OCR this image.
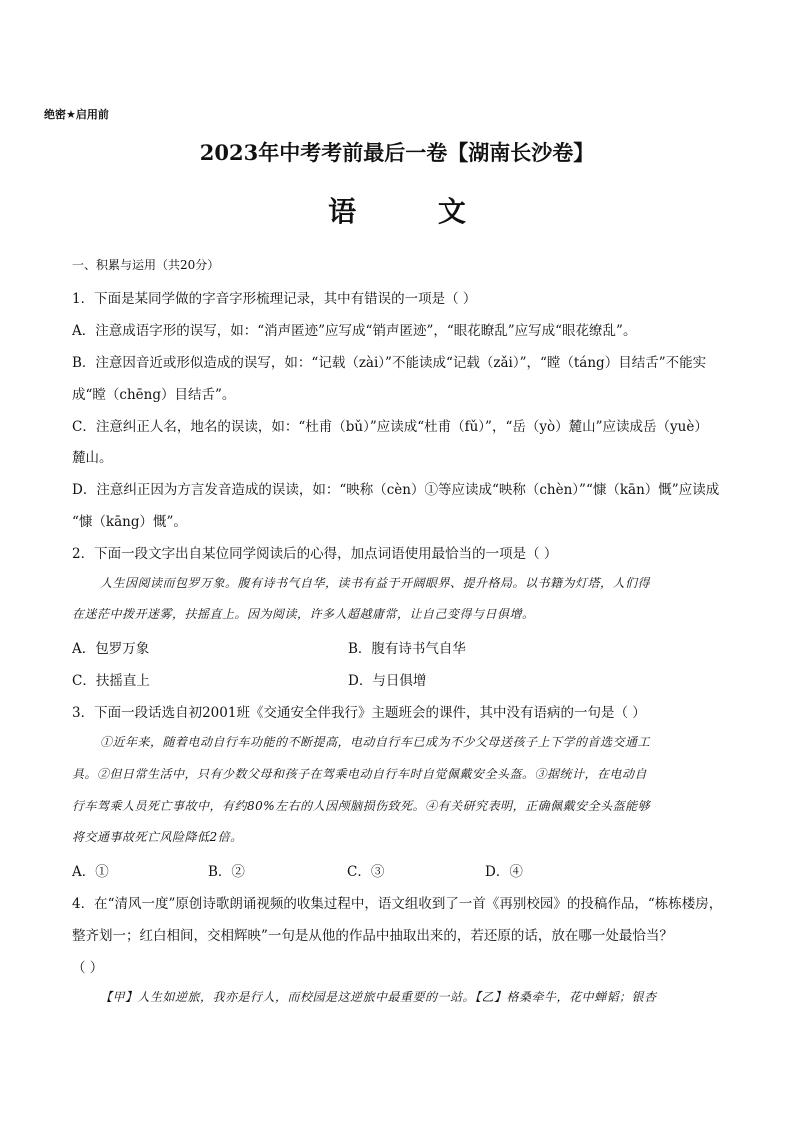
绝密★启用前
2023年中考考前最后一卷【湖南长沙卷】
语 文
一、积累与运用（共20分）
1．下面是某同学做的字音字形梳理记录，其中有错误的一项是（ ）
A．注意成语字形的误写，如：“消声匿迹”应写成“销声匿迹”，“眼花瞭乱”应写成“眼花缭乱”。
B．注意因音近或形似造成的误写，如：“记载（zài）”不能读成“记载（zǎi）”，“瞠（táng）目结舌”不能实
成“瞠（chēng）目结舌”。
C．注意纠正人名，地名的误读，如：“杜甫（bǔ）”应读成“杜甫（fǔ）”，“岳（yò）麓山”应读成岳（yuè）
麓山。
D．注意纠正因为方言发音造成的误读，如：“映称（cèn）①等应读成“映称（chèn）”“慷（kān）慨”应读成
“慷（kāng）慨”。
2．下面一段文字出自某位同学阅读后的心得，加点词语使用最恰当的一项是（ ）
人生因阅读而包罗万象。腹有诗书气自华，读书有益于开阔眼界、提升格局。以书籍为灯塔，人们得
在迷茫中拨开迷雾，扶摇直上。因为阅读，许多人超越庸常，让自己变得与日俱增。
A．包罗万象	B．腹有诗书气自华
C．扶摇直上	D．与日俱增
3．下面一段话选自初2001班《交通安全伴我行》主题班会的课件，其中没有语病的一句是（ ）
①近年来，随着电动自行车功能的不断提高，电动自行车已成为不少父母送孩子上下学的首选交通工
具。②但日常生活中，只有少数父母和孩子在驾乘电动自行车时自觉佩戴安全头盔。③据统计，在电动自
行车驾乘人员死亡事故中，有约80%左右的人因颅脑损伤致死。④有关研究表明，正确佩戴安全头盔能够
将交通事故死亡风险降低2倍。
A．①	B．②	C．③	D．④
4．在“清风一度”原创诗歌朗诵视频的收集过程中，语文组收到了一首《再别校园》的投稿作品，“栋栋楼房，
整齐划一；红白相间，交相辉映”一句是从他的作品中抽取出来的，若还原的话，放在哪一处最恰当？
（ ）
【甲】人生如逆旅，我亦是行人，而校园是这逆旅中最重要的一站。【乙】格桑牵牛，花中蝉韬；银杏
